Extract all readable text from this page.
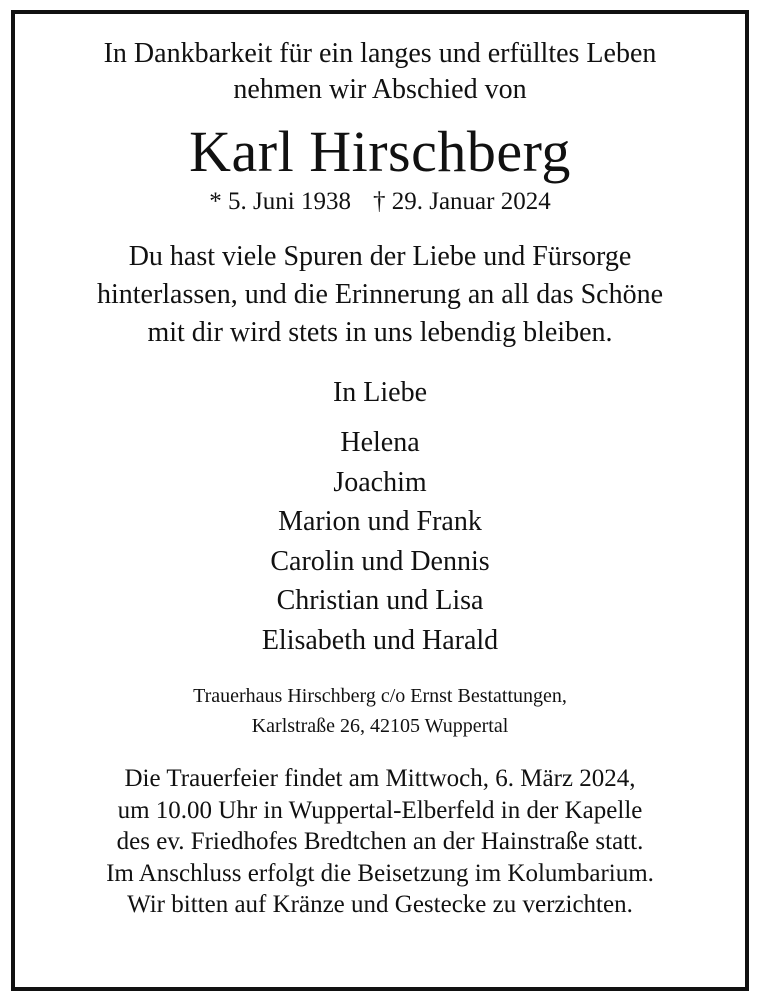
In Dankbarkeit für ein langes und erfülltes Leben
nehmen wir Abschied von
Karl Hirschberg
* 5. Juni 1938 † 29. Januar 2024
Du hast viele Spuren der Liebe und Fürsorge
hinterlassen, und die Erinnerung an all das Schöne
mit dir wird stets in uns lebendig bleiben.
In Liebe
Helena
Joachim
Marion und Frank
Carolin und Dennis
Christian und Lisa
Elisabeth und Harald
Trauerhaus Hirschberg c/o Ernst Bestattungen,
Karlstraße 26, 42105 Wuppertal
Die Trauerfeier findet am Mittwoch, 6. März 2024,
um 10.00 Uhr in Wuppertal-Elberfeld in der Kapelle
des ev. Friedhofes Bredtchen an der Hainstraße statt.
Im Anschluss erfolgt die Beisetzung im Kolumbarium.
Wir bitten auf Kränze und Gestecke zu verzichten.
